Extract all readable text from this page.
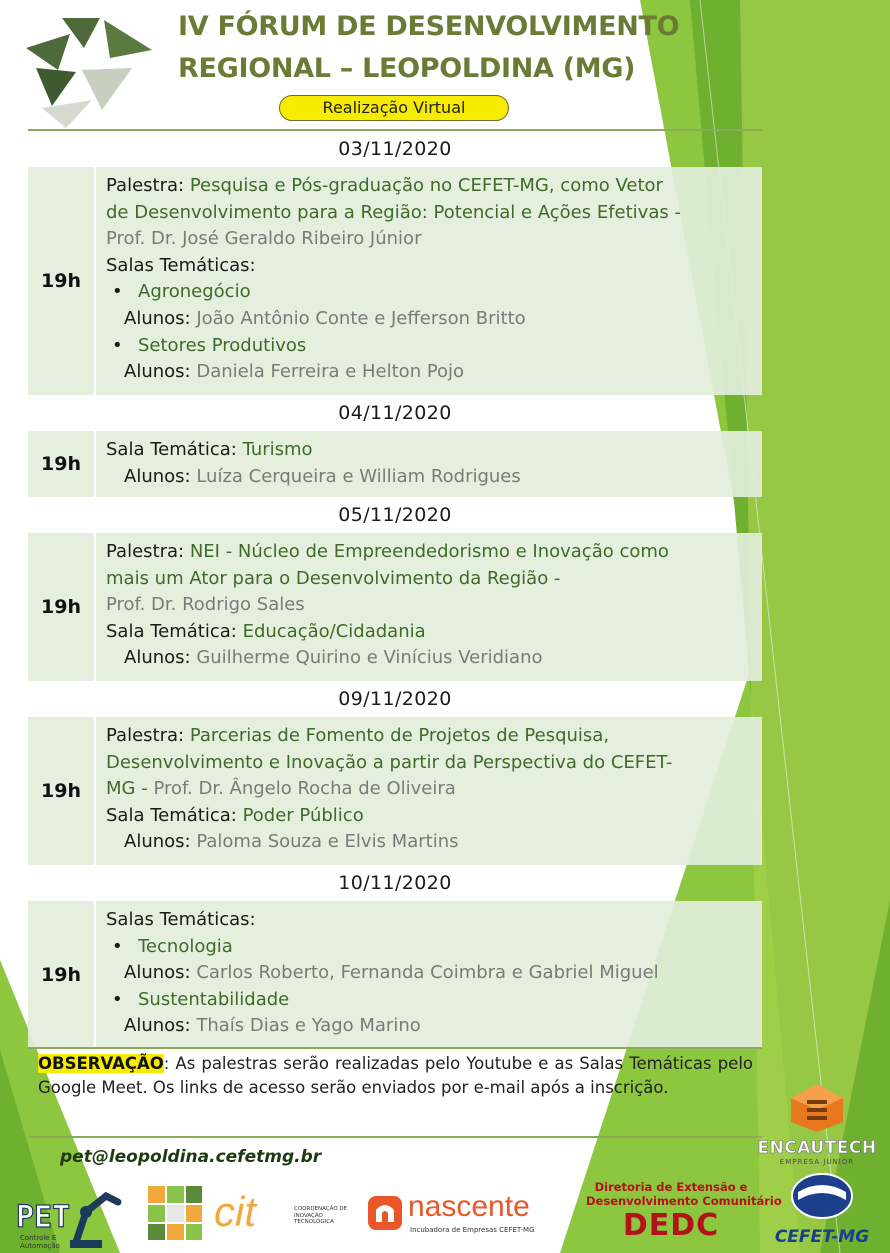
IV FÓRUM DE DESENVOLVIMENTO
REGIONAL – LEOPOLDINA (MG)
Realização Virtual
03/11/2020
19h
Palestra: Pesquisa e Pós-graduação no CEFET-MG, como Vetor
de Desenvolvimento para a Região: Potencial e Ações Efetivas -
Prof. Dr. José Geraldo Ribeiro Júnior
Salas Temáticas:
• Agronegócio
Alunos: João Antônio Conte e Jefferson Britto
• Setores Produtivos
Alunos: Daniela Ferreira e Helton Pojo
04/11/2020
19h
Sala Temática: Turismo
Alunos: Luíza Cerqueira e William Rodrigues
05/11/2020
19h
Palestra: NEI - Núcleo de Empreendedorismo e Inovação como
mais um Ator para o Desenvolvimento da Região -
Prof. Dr. Rodrigo Sales
Sala Temática: Educação/Cidadania
Alunos: Guilherme Quirino e Vinícius Veridiano
09/11/2020
19h
Palestra: Parcerias de Fomento de Projetos de Pesquisa,
Desenvolvimento e Inovação a partir da Perspectiva do CEFET-
MG - Prof. Dr. Ângelo Rocha de Oliveira
Sala Temática: Poder Público
Alunos: Paloma Souza e Elvis Martins
10/11/2020
19h
Salas Temáticas:
• Tecnologia
Alunos: Carlos Roberto, Fernanda Coimbra e Gabriel Miguel
• Sustentabilidade
Alunos: Thaís Dias e Yago Marino
OBSERVAÇÃO: As palestras serão realizadas pelo Youtube e as Salas Temáticas pelo Google Meet. Os links de acesso serão enviados por e-mail após a inscrição.
pet@leopoldina.cefetmg.br	ENCAUTECH
EMPRESA JÚNIOR
PET
Controle E Automação
cit	COORDENAÇÃO DE INOVAÇÃO TECNOLÓGICA	nascente
Incubadora de Empresas CEFET-MG
Diretoria de Extensão e
Desenvolvimento Comunitário
DEDC	CEFET-MG
